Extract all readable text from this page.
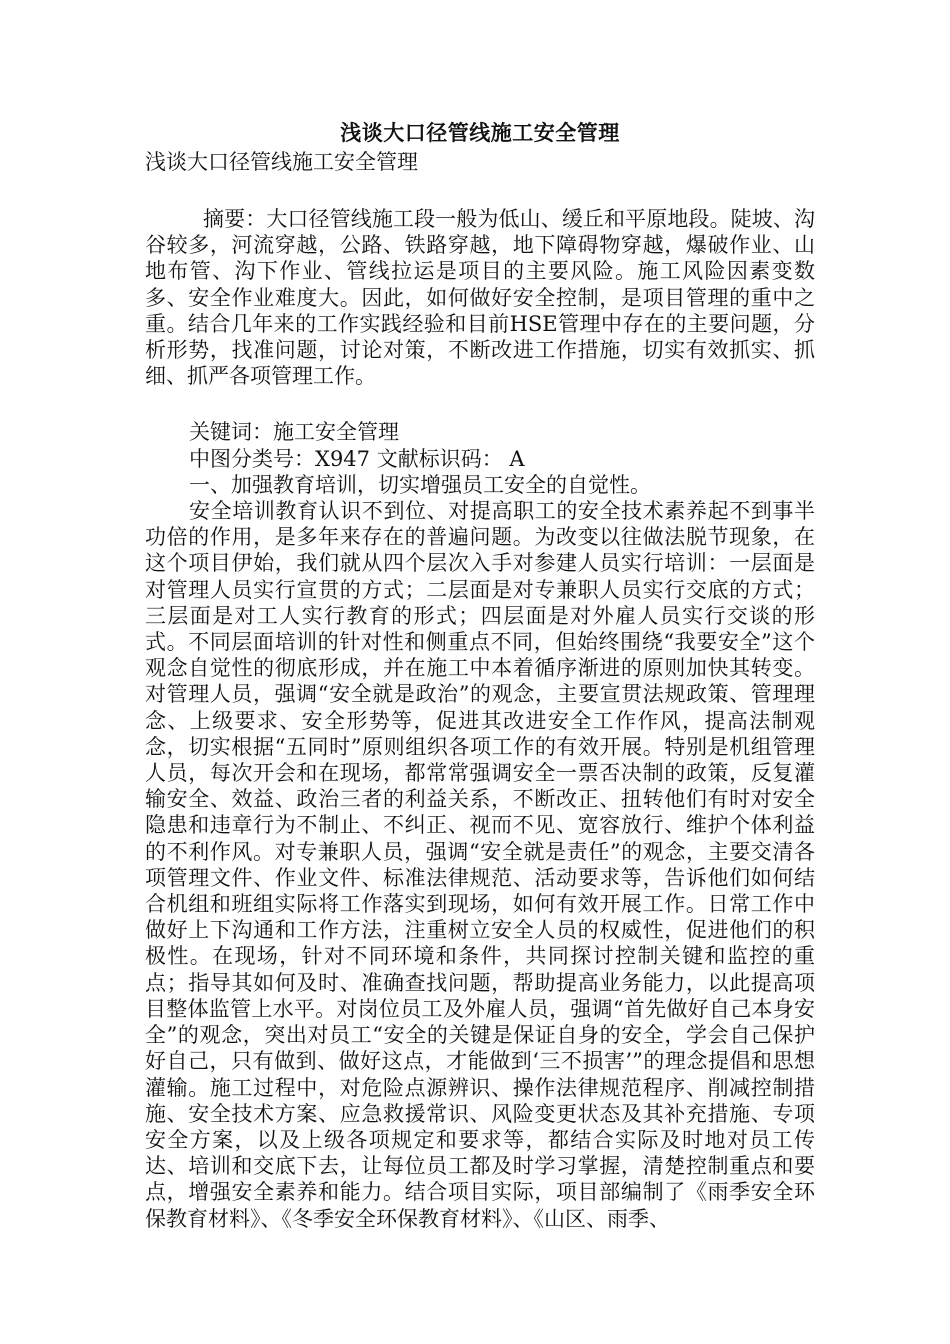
浅谈大口径管线施工安全管理

浅谈大口径管线施工安全管理

摘要：大口径管线施工段一般为低山、缓丘和平原地段。陡坡、沟谷较多，河流穿越，公路、铁路穿越，地下障碍物穿越，爆破作业、山地布管、沟下作业、管线拉运是项目的主要风险。施工风险因素变数多、安全作业难度大。因此，如何做好安全控制，是项目管理的重中之重。结合几年来的工作实践经验和目前HSE管理中存在的主要问题，分析形势，找准问题，讨论对策，不断改进工作措施，切实有效抓实、抓细、抓严各项管理工作。

关键词：施工安全管理

中图分类号：X947 文献标识码： A

一、加强教育培训，切实增强员工安全的自觉性。

安全培训教育认识不到位、对提高职工的安全技术素养起不到事半功倍的作用，是多年来存在的普遍问题。为改变以往做法脱节现象，在这个项目伊始，我们就从四个层次入手对参建人员实行培训：一层面是对管理人员实行宣贯的方式；二层面是对专兼职人员实行交底的方式；三层面是对工人实行教育的形式；四层面是对外雇人员实行交谈的形式。不同层面培训的针对性和侧重点不同，但始终围绕“我要安全”这个观念自觉性的彻底形成，并在施工中本着循序渐进的原则加快其转变。对管理人员，强调“安全就是政治”的观念，主要宣贯法规政策、管理理念、上级要求、安全形势等，促进其改进安全工作作风，提高法制观念，切实根据“五同时”原则组织各项工作的有效开展。特别是机组管理人员，每次开会和在现场，都常常强调安全一票否决制的政策，反复灌输安全、效益、政治三者的利益关系，不断改正、扭转他们有时对安全隐患和违章行为不制止、不纠正、视而不见、宽容放行、维护个体利益的不利作风。对专兼职人员，强调“安全就是责任”的观念，主要交清各项管理文件、作业文件、标准法律规范、活动要求等，告诉他们如何结合机组和班组实际将工作落实到现场，如何有效开展工作。日常工作中做好上下沟通和工作方法，注重树立安全人员的权威性，促进他们的积极性。在现场，针对不同环境和条件，共同探讨控制关键和监控的重点；指导其如何及时、准确查找问题，帮助提高业务能力，以此提高项目整体监管上水平。对岗位员工及外雇人员，强调“首先做好自己本身安全”的观念，突出对员工“安全的关键是保证自身的安全，学会自己保护好自己，只有做到、做好这点，才能做到‘三不损害’”的理念提倡和思想灌输。施工过程中，对危险点源辨识、操作法律规范程序、削减控制措施、安全技术方案、应急救援常识、风险变更状态及其补充措施、专项安全方案，以及上级各项规定和要求等，都结合实际及时地对员工传达、培训和交底下去，让每位员工都及时学习掌握，清楚控制重点和要点，增强安全素养和能力。结合项目实际，项目部编制了《雨季安全环保教育材料》、《冬季安全环保教育材料》、《山区、雨季、
